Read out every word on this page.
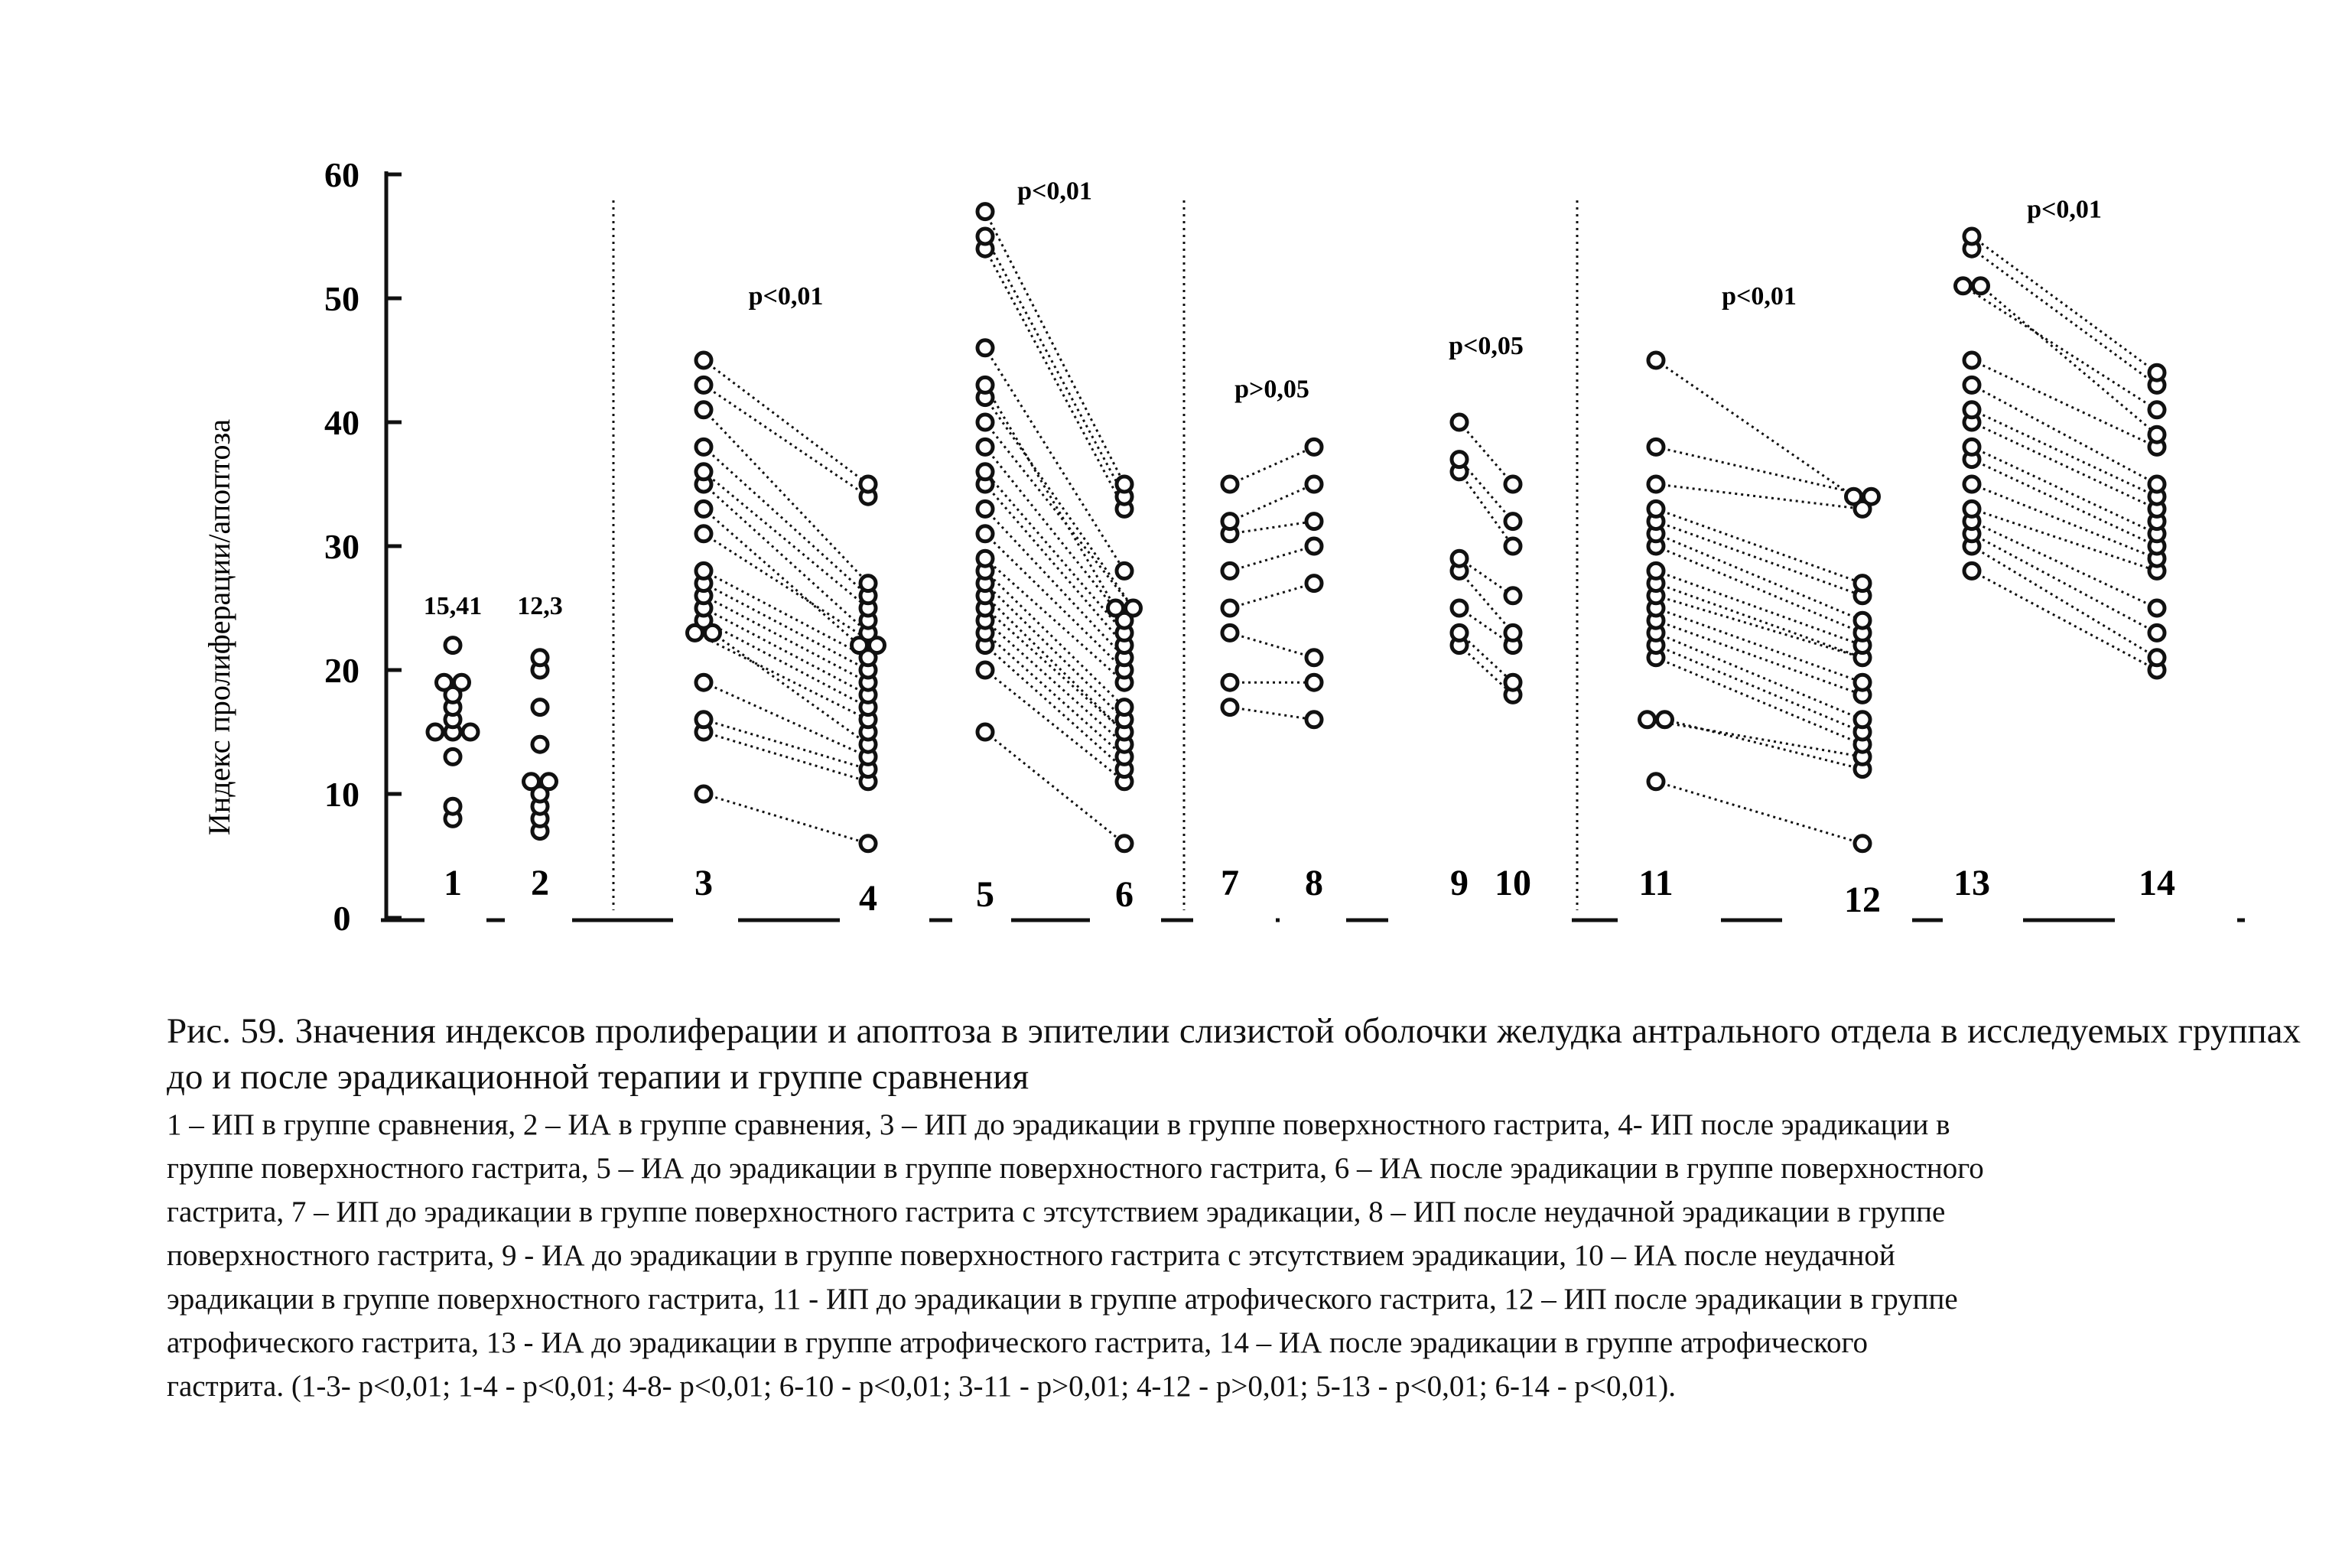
0
10
20
30
40
50
60
1 2	3	4	5	6 7 8	9 10	11	12 13	14
15,41 12,3
p<0,01
p<0,01
p>0,05
p<0,05
p<0,01
p<0,01
Индекс пролиферации/апоптоза

Рис. 59. Значения индексов пролиферации и апоптоза в эпителии слизистой оболочки желудка антрального отдела в исследуемых группах до и после эрадикационной терапии и группе сравнения

1 – ИП в группе сравнения, 2 – ИА в группе сравнения, 3 – ИП до эрадикации в группе поверхностного гастрита, 4- ИП после эрадикации в
группе поверхностного гастрита, 5 – ИА до эрадикации в группе поверхностного гастрита, 6 – ИА после эрадикации в группе поверхностного
гастрита, 7 – ИП до эрадикации в группе поверхностного гастрита с этсутствием эрадикации, 8 – ИП после неудачной эрадикации в группе
поверхностного гастрита, 9 - ИА до эрадикации в группе поверхностного гастрита с этсутствием эрадикации, 10 – ИА после неудачной
эрадикации в группе поверхностного гастрита, 11 - ИП до эрадикации в группе атрофического гастрита, 12 – ИП после эрадикации в группе
атрофического гастрита, 13 - ИА до эрадикации в группе атрофического гастрита, 14 – ИА после эрадикации в группе атрофического
гастрита. (1-3- p<0,01; 1-4 - p<0,01; 4-8- p<0,01; 6-10 - p<0,01; 3-11 - p>0,01; 4-12 - p>0,01; 5-13 - p<0,01; 6-14 - p<0,01).
